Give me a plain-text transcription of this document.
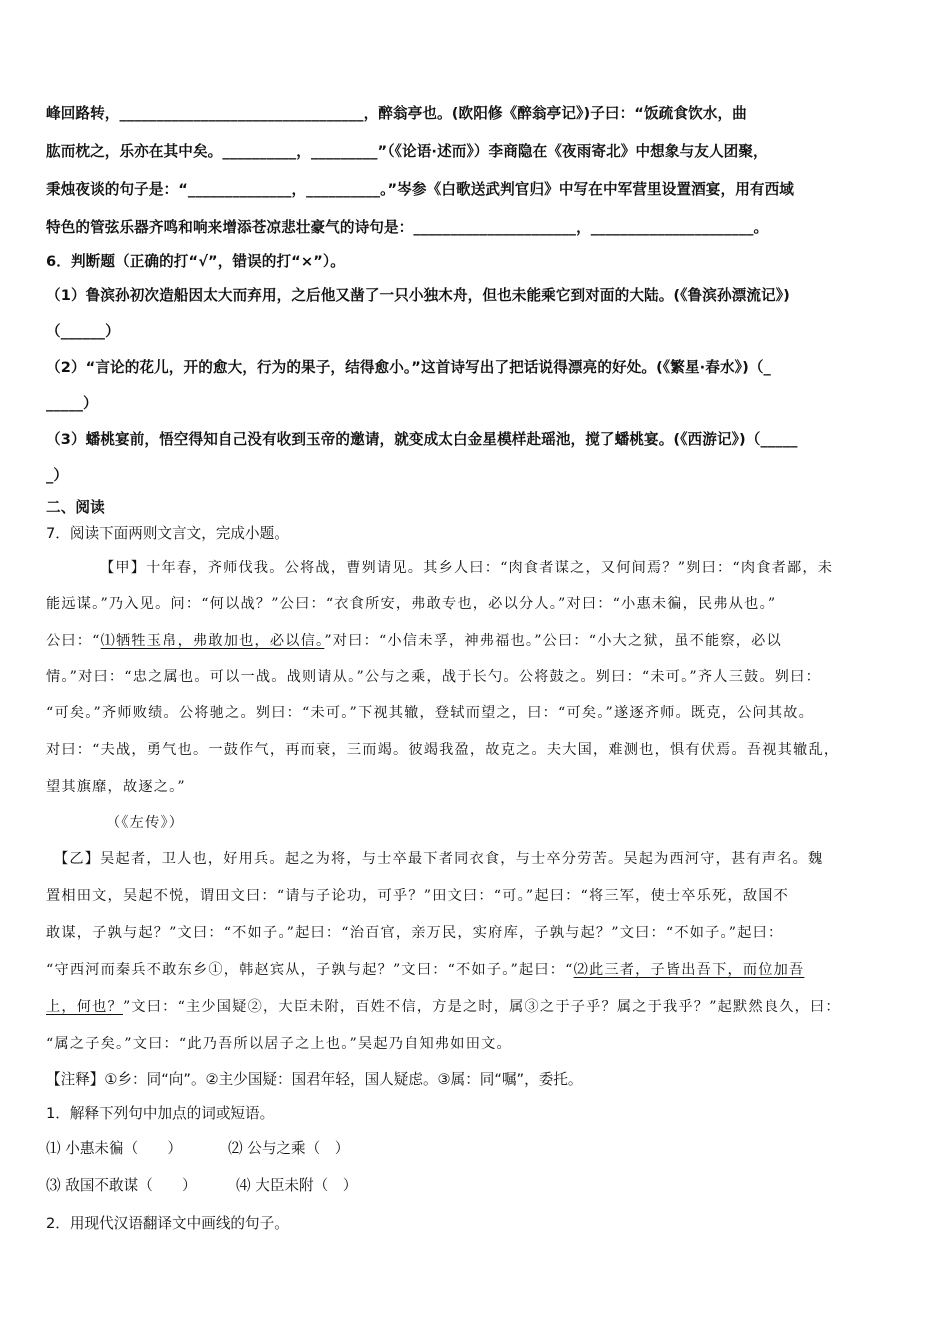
峰回路转，_________________________________，醉翁亭也。(欧阳修《醉翁亭记》)子曰：“饭疏食饮水，曲
肱而枕之，乐亦在其中矣。__________，_________”（《论语·述而》）李商隐在《夜雨寄北》中想象与友人团聚，
秉烛夜谈的句子是：“______________，__________。”岑参《白歌送武判官归》中写在中军营里设置酒宴，用有西域
特色的管弦乐器齐鸣和响来增添苍凉悲壮豪气的诗句是：______________________，______________________。
6．判断题（正确的打“√”，错误的打“×”）。
（1）鲁滨孙初次造船因太大而弃用，之后他又凿了一只小独木舟，但也未能乘它到对面的大陆。(《鲁滨孙漂流记》)
（______）
（2）“言论的花儿，开的愈大，行为的果子，结得愈小。”这首诗写出了把话说得漂亮的好处。(《繁星·春水》)（_
_____）
（3）蟠桃宴前，悟空得知自己没有收到玉帝的邀请，就变成太白金星模样赴瑶池，搅了蟠桃宴。(《西游记》)（_____
_）
二、阅读
7．阅读下面两则文言文，完成小题。
【甲】十年春，齐师伐我。公将战，曹刿请见。其乡人曰：“肉食者谋之，又何间焉？”刿曰：“肉食者鄙，未
能远谋。”乃入见。问：“何以战？”公曰：“衣食所安，弗敢专也，必以分人。”对曰：“小惠未徧，民弗从也。”
公曰：“⑴牺牲玉帛，弗敢加也，必以信。”对曰：“小信未孚，神弗福也。”公曰：“小大之狱，虽不能察，必以
情。”对曰：“忠之属也。可以一战。战则请从。”公与之乘，战于长勺。公将鼓之。刿曰：“未可。”齐人三鼓。刿曰：
“可矣。”齐师败绩。公将驰之。刿曰：“未可。”下视其辙，登轼而望之，曰：“可矣。”遂逐齐师。既克，公问其故。
对曰：“夫战，勇气也。一鼓作气，再而衰，三而竭。彼竭我盈，故克之。夫大国，难测也，惧有伏焉。吾视其辙乱，
望其旗靡，故逐之。”
（《左传》）
【乙】吴起者，卫人也，好用兵。起之为将，与士卒最下者同衣食，与士卒分劳苦。吴起为西河守，甚有声名。魏
置相田文，吴起不悦，谓田文曰：“请与子论功，可乎？”田文曰：“可。”起曰：“将三军，使士卒乐死，敌国不
敢谋，子孰与起？”文曰：“不如子。”起曰：“治百官，亲万民，实府库，子孰与起？”文曰：“不如子。”起曰：
“守西河而秦兵不敢东乡①，韩赵宾从，子孰与起？”文曰：“不如子。”起曰：“⑵此三者，子皆出吾下，而位加吾
上，何也？”文曰：“主少国疑②，大臣未附，百姓不信，方是之时，属③之于子乎？属之于我乎？”起默然良久，曰：
“属之子矣。”文曰：“此乃吾所以居子之上也。”吴起乃自知弗如田文。
【注释】①乡：同“向”。②主少国疑：国君年轻，国人疑虑。③属：同“嘱”，委托。
1．解释下列句中加点的词或短语。
⑴ 小惠未徧（　　）	⑵ 公与之乘（　）
⑶ 敌国不敢谋（　　）	⑷ 大臣未附（　）
2．用现代汉语翻译文中画线的句子。
